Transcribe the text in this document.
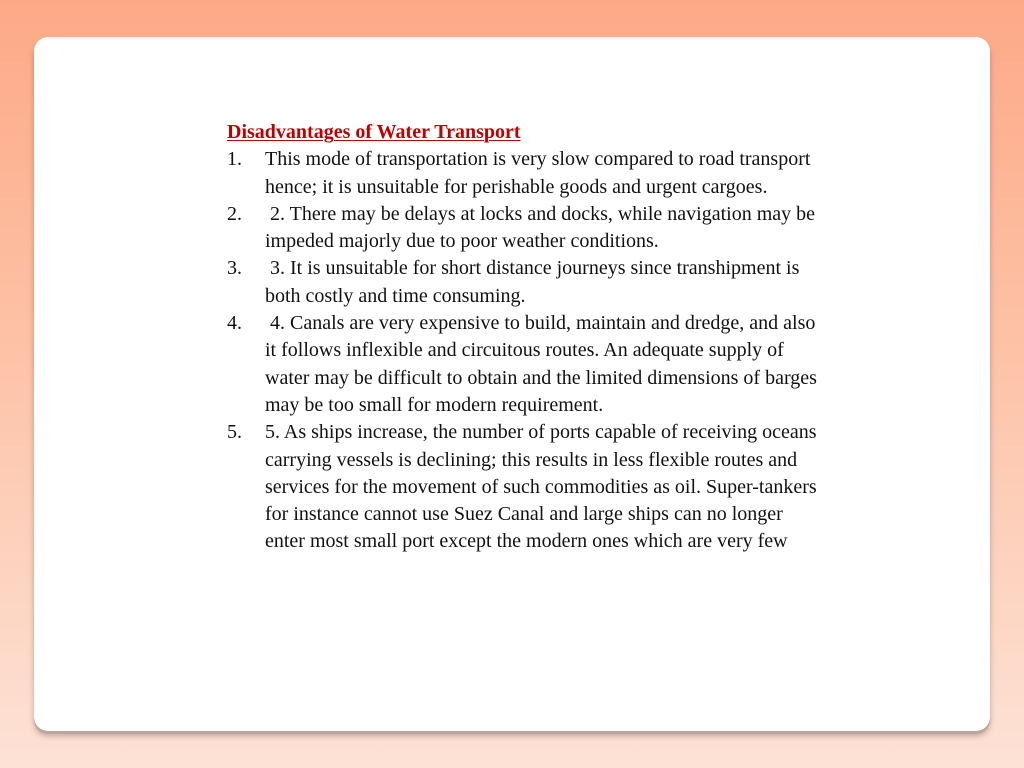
Disadvantages of Water Transport
1. This mode of transportation is very slow compared to road transport hence; it is unsuitable for perishable goods and urgent cargoes.
2. 2. There may be delays at locks and docks, while navigation may be impeded majorly due to poor weather conditions.
3. 3. It is unsuitable for short distance journeys since transhipment is both costly and time consuming.
4. 4. Canals are very expensive to build, maintain and dredge, and also it follows inflexible and circuitous routes. An adequate supply of water may be difficult to obtain and the limited dimensions of barges may be too small for modern requirement.
5. 5. As ships increase, the number of ports capable of receiving oceans carrying vessels is declining; this results in less flexible routes and services for the movement of such commodities as oil. Super-tankers for instance cannot use Suez Canal and large ships can no longer enter most small port except the modern ones which are very few
